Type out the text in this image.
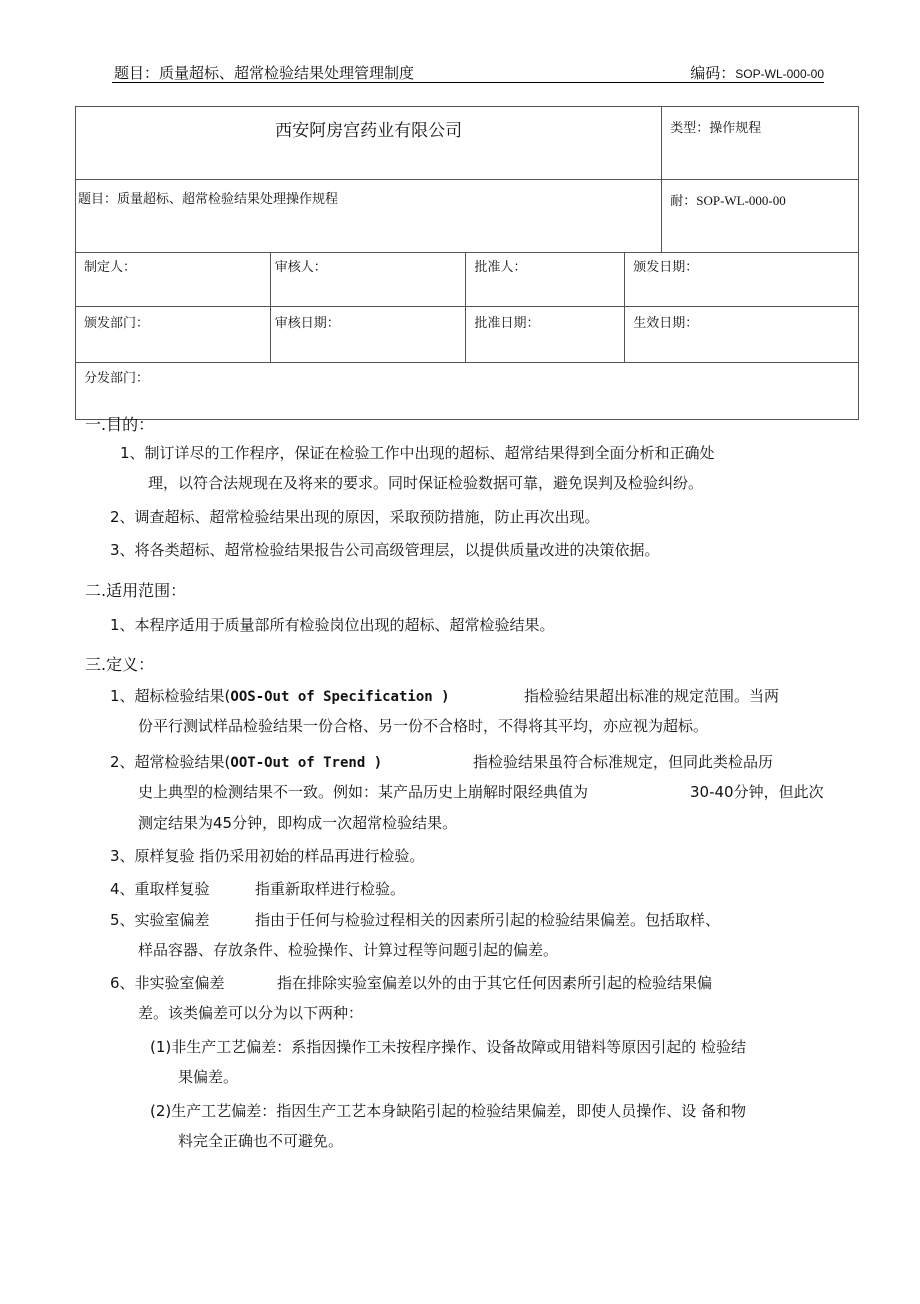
题目：质量超标、超常检验结果处理管理制度	编码：SOP-WL-000-00
西安阿房宫药业有限公司				类型：操作规程
题目：质量超标、超常检验结果处理操作规程				耐：SOP-WL-000-00
制定人：	审核人：	批准人：	颁发日期：	
颁发部门：	审核日期：	批准日期：	生效日期：	
分发部门：				
一.目的：
1、制订详尽的工作程序，保证在检验工作中出现的超标、超常结果得到全面分析和正确处
理，以符合法规现在及将来的要求。同时保证检验数据可靠，避免误判及检验纠纷。
2、调查超标、超常检验结果出现的原因，采取预防措施，防止再次出现。
3、将各类超标、超常检验结果报告公司高级管理层，以提供质量改进的决策依据。
二.适用范围：
1、本程序适用于质量部所有检验岗位出现的超标、超常检验结果。
三.定义：
1、超标检验结果(OOS-Out of Specification )	指检验结果超出标准的规定范围。当两
份平行测试样品检验结果一份合格、另一份不合格时，不得将其平均，亦应视为超标。
2、超常检验结果(OOT-Out of Trend )	指检验结果虽符合标准规定，但同此类检品历
史上典型的检测结果不一致。例如：某产品历史上崩解时限经典值为	30-40分钟，但此次
测定结果为45分钟，即构成一次超常检验结果。
3、原样复验 指仍采用初始的样品再进行检验。
4、重取样复验	指重新取样进行检验。
5、实验室偏差	指由于任何与检验过程相关的因素所引起的检验结果偏差。包括取样、
样品容器、存放条件、检验操作、计算过程等问题引起的偏差。
6、非实验室偏差	指在排除实验室偏差以外的由于其它任何因素所引起的检验结果偏
差。该类偏差可以分为以下两种：
(1)非生产工艺偏差：系指因操作工未按程序操作、设备故障或用错料等原因引起的 检验结
果偏差。
(2)生产工艺偏差：指因生产工艺本身缺陷引起的检验结果偏差，即使人员操作、设 备和物
料完全正确也不可避免。
